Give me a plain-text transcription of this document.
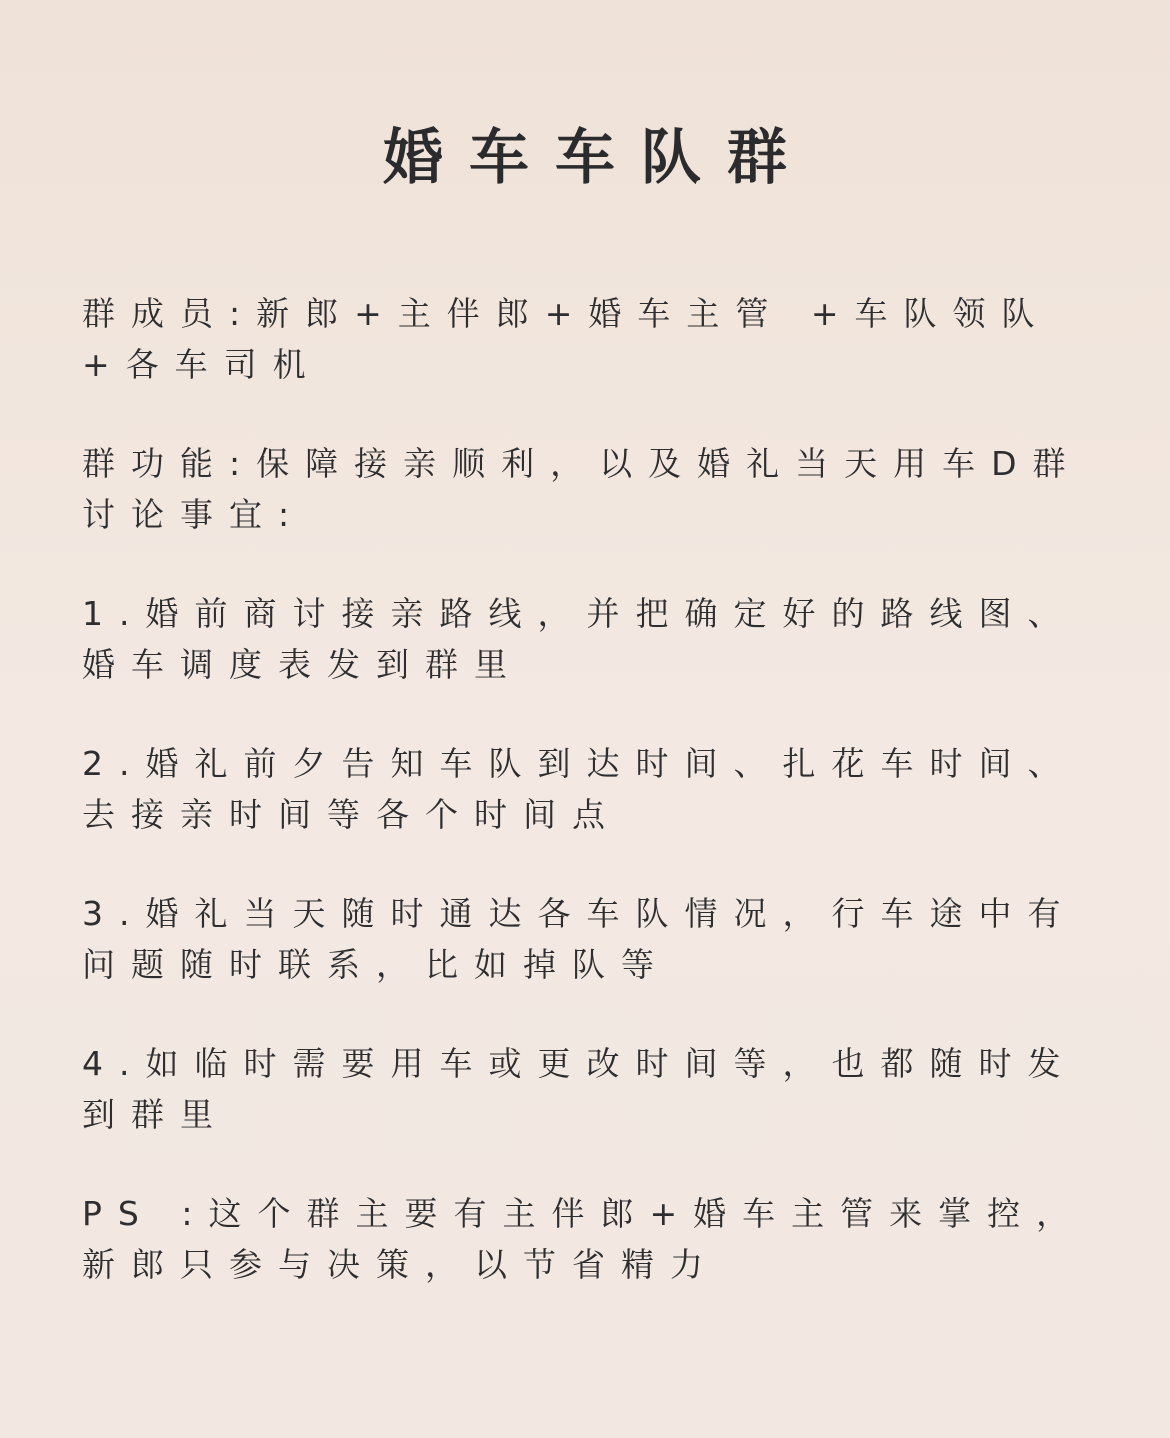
婚车车队群

群成员:新郎+主伴郎+婚车主管 +车队领队+各车司机

群功能:保障接亲顺利，以及婚礼当天用车D群讨论事宜:

1.婚前商讨接亲路线，并把确定好的路线图、婚车调度表发到群里

2.婚礼前夕告知车队到达时间、扎花车时间、去接亲时间等各个时间点

3.婚礼当天随时通达各车队情况，行车途中有问题随时联系，比如掉队等

4.如临时需要用车或更改时间等，也都随时发到群里

PS :这个群主要有主伴郎+婚车主管来掌控，新郎只参与决策，以节省精力
